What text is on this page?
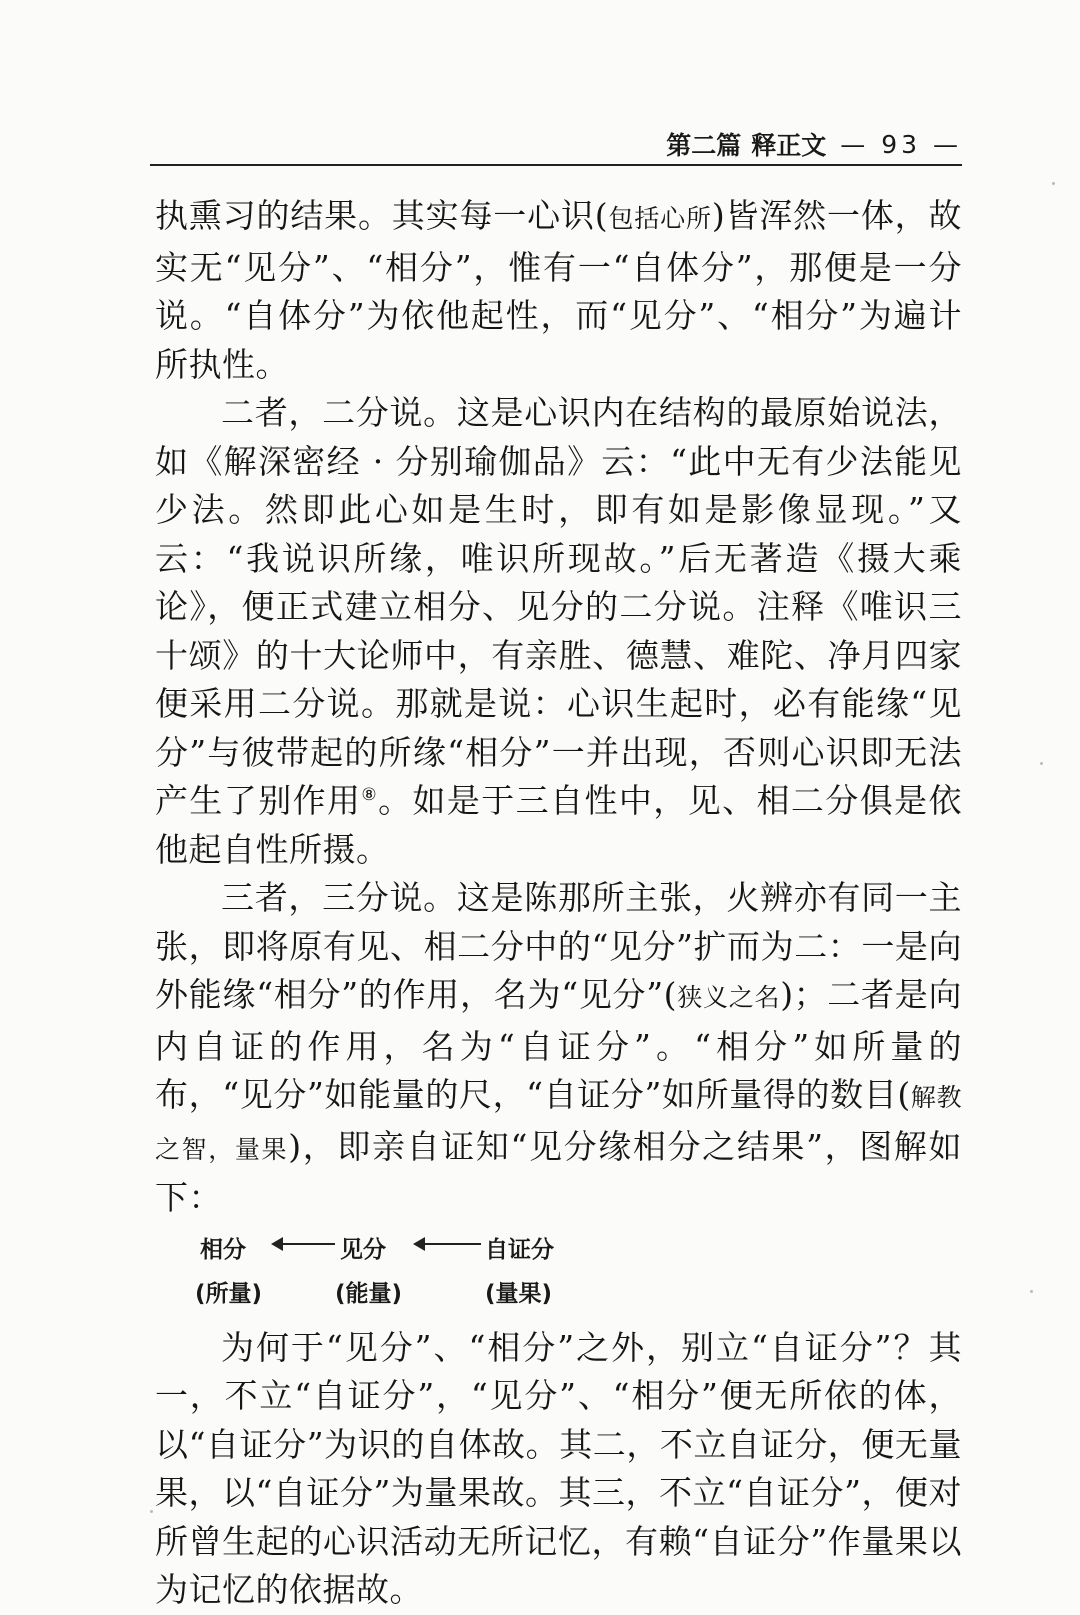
第二篇 释正文 — 93 —

执熏习的结果。其实每一心识(包括心所)皆浑然一体，故实无“见分”、“相分”，惟有一“自体分”，那便是一分说。“自体分”为依他起性，而“见分”、“相分”为遍计所执性。

二者，二分说。这是心识内在结构的最原始说法，如《解深密经 · 分别瑜伽品》云：“此中无有少法能见少法。然即此心如是生时，即有如是影像显现。”又云：“我说识所缘，唯识所现故。”后无著造《摄大乘论》，便正式建立相分、见分的二分说。注释《唯识三十颂》的十大论师中，有亲胜、德慧、难陀、净月四家便采用二分说。那就是说：心识生起时，必有能缘“见分”与彼带起的所缘“相分”一并出现，否则心识即无法产生了别作用⑧。如是于三自性中，见、相二分俱是依他起自性所摄。

三者，三分说。这是陈那所主张，火辨亦有同一主张，即将原有见、相二分中的“见分”扩而为二：一是向外能缘“相分”的作用，名为“见分”(狭义之名)；二者是向内自证的作用，名为“自证分”。“相分”如所量的布，“见分”如能量的尺，“自证分”如所量得的数目(解教之智，量果)，即亲自证知“见分缘相分之结果”，图解如下：

相分	见分	自证分
(所量)	(能量)	(量果)

为何于“见分”、“相分”之外，别立“自证分”？其一，不立“自证分”，“见分”、“相分”便无所依的体，以“自证分”为识的自体故。其二，不立自证分，便无量果，以“自证分”为量果故。其三，不立“自证分”，便对所曾生起的心识活动无所记忆，有赖“自证分”作量果以为记忆的依据故。
